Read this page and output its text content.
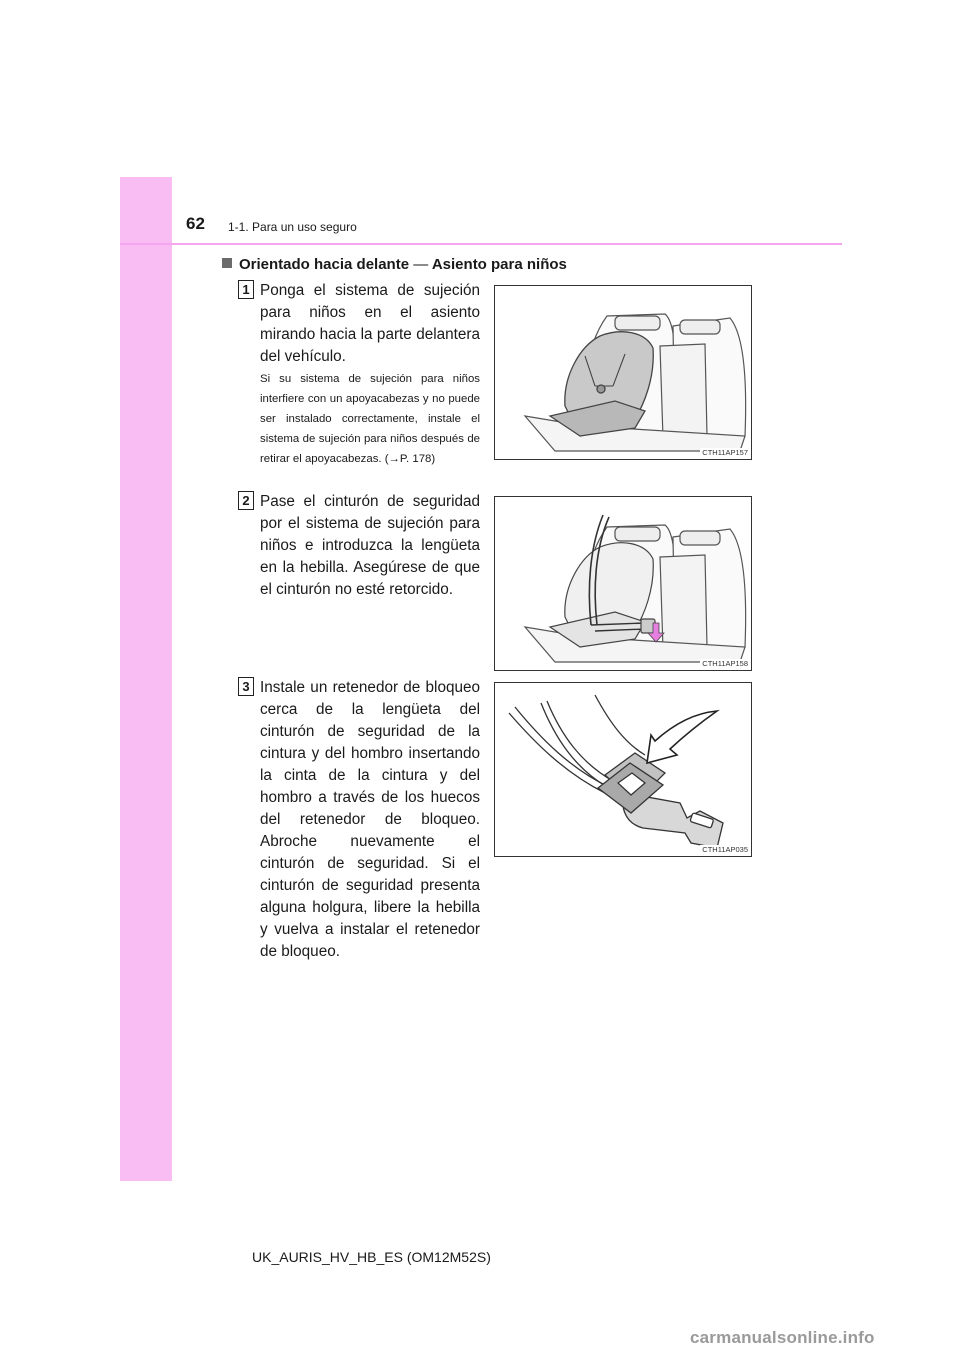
62 1-1. Para un uso seguro
Orientado hacia delante — Asiento para niños
1 Ponga el sistema de sujeción para niños en el asiento mirando hacia la parte delantera del vehículo.

Si su sistema de sujeción para niños interfiere con un apoyacabezas y no puede ser instalado correctamente, instale el sistema de sujeción para niños después de retirar el apoyacabezas. (→P. 178)
CTH11AP157
2 Pase el cinturón de seguridad por el sistema de sujeción para niños e introduzca la lengüeta en la hebilla. Asegúrese de que el cinturón no esté retorcido.

CTH11AP158
3 Instale un retenedor de bloqueo cerca de la lengüeta del cinturón de seguridad de la cintura y del hombro insertando la cinta de la cintura y del hombro a través de los huecos del retenedor de bloqueo. Abroche nuevamente el cinturón de seguridad. Si el cinturón de seguridad presenta alguna holgura, libere la hebilla y vuelva a instalar el retenedor de bloqueo.

CTH11AP035
UK_AURIS_HV_HB_ES (OM12M52S)
carmanualsonline.info
